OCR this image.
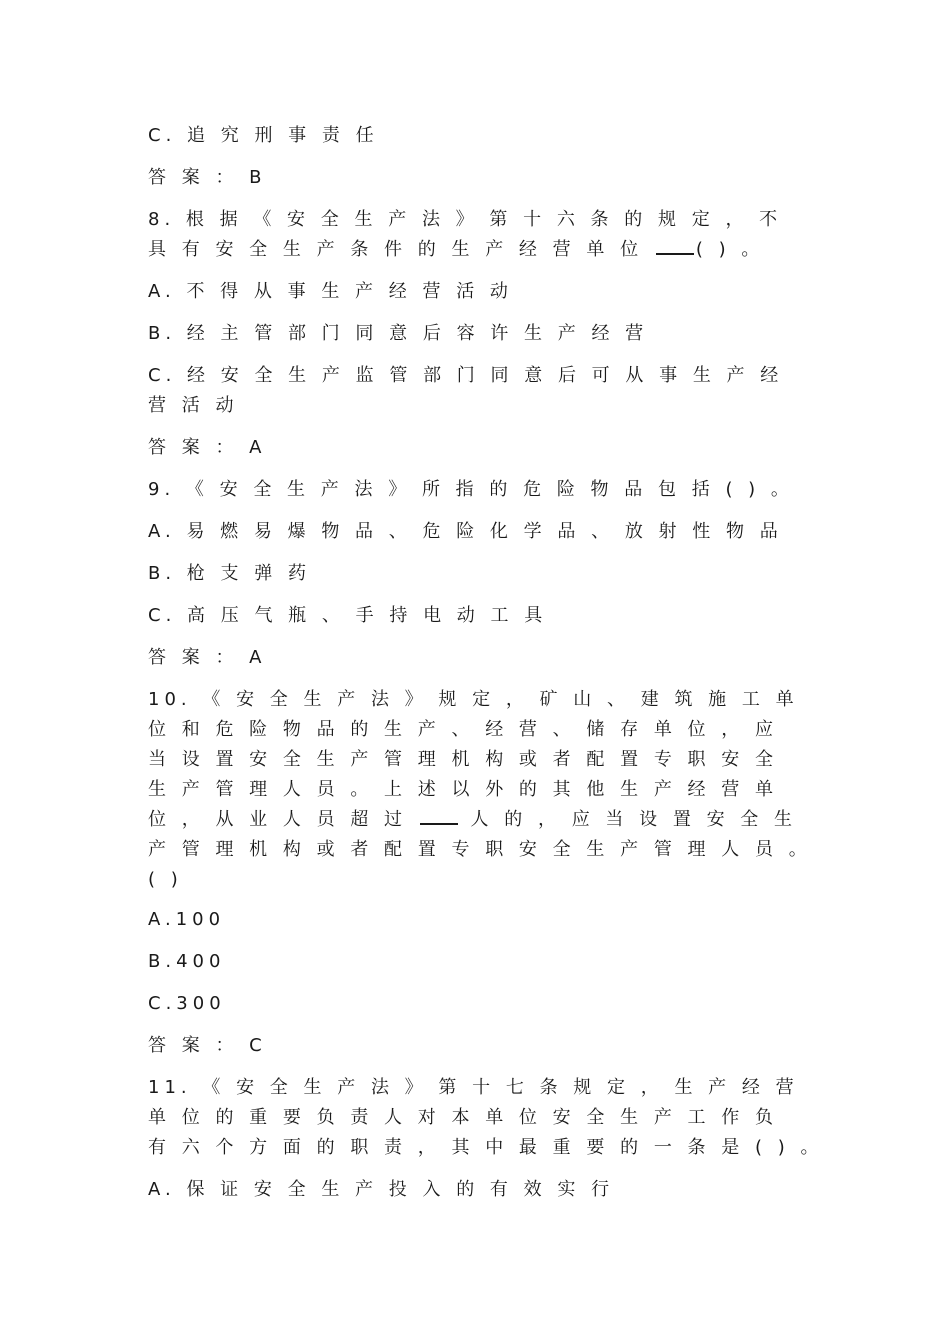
C. 追 究 刑 事 责 任
答 案 ： B
8. 根 据 《 安 全 生 产 法 》 第 十 六 条 的 规 定 ， 不
具 有 安 全 生 产 条 件 的 生 产 经 营 单 位	( ) 。
A. 不 得 从 事 生 产 经 营 活 动
B. 经 主 管 部 门 同 意 后 容 许 生 产 经 营
C. 经 安 全 生 产 监 管 部 门 同 意 后 可 从 事 生 产 经
营 活 动
答 案 ： A
9. 《 安 全 生 产 法 》 所 指 的 危 险 物 品 包 括 ( ) 。
A. 易 燃 易 爆 物 品 、 危 险 化 学 品 、 放 射 性 物 品
B. 枪 支 弹 药
C. 高 压 气 瓶 、 手 持 电 动 工 具
答 案 ： A
10. 《 安 全 生 产 法 》 规 定 ， 矿 山 、 建 筑 施 工 单
位 和 危 险 物 品 的 生 产 、 经 营 、 储 存 单 位 ， 应
当 设 置 安 全 生 产 管 理 机 构 或 者 配 置 专 职 安 全
生 产 管 理 人 员 。 上 述 以 外 的 其 他 生 产 经 营 单
位 ， 从 业 人 员 超 过	人 的 ， 应 当 设 置 安 全 生
产 管 理 机 构 或 者 配 置 专 职 安 全 生 产 管 理 人 员 。
( )
A.100
B.400
C.300
答 案 ： C
11. 《 安 全 生 产 法 》 第 十 七 条 规 定 ， 生 产 经 营
单 位 的 重 要 负 责 人 对 本 单 位 安 全 生 产 工 作 负
有 六 个 方 面 的 职 责 ， 其 中 最 重 要 的 一 条 是 ( ) 。
A. 保 证 安 全 生 产 投 入 的 有 效 实 行
